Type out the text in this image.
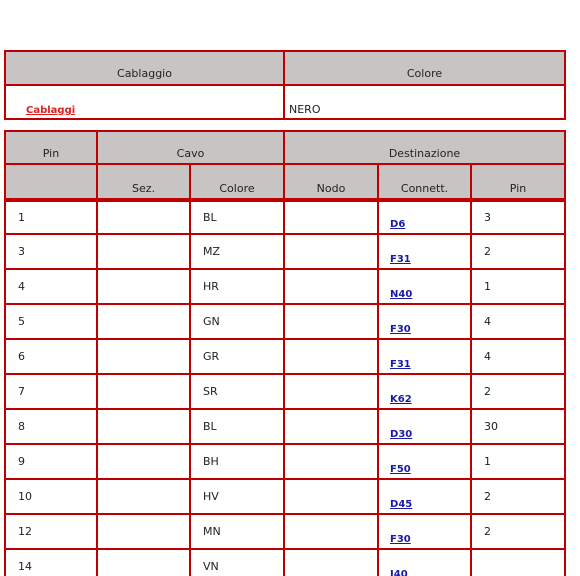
Cablaggio	Colore
Cablaggi	NERO
Pin	Cavo		Destinazione		
	Sez.	Colore	Nodo	Connett.	Pin
1		BL		D6	3
3		MZ		F31	2
4		HR		N40	1
5		GN		F30	4
6		GR		F31	4
7		SR		K62	2
8		BL		D30	30
9		BH		F50	1
10		HV		D45	2
12		MN		F30	2
14		VN		I40	
